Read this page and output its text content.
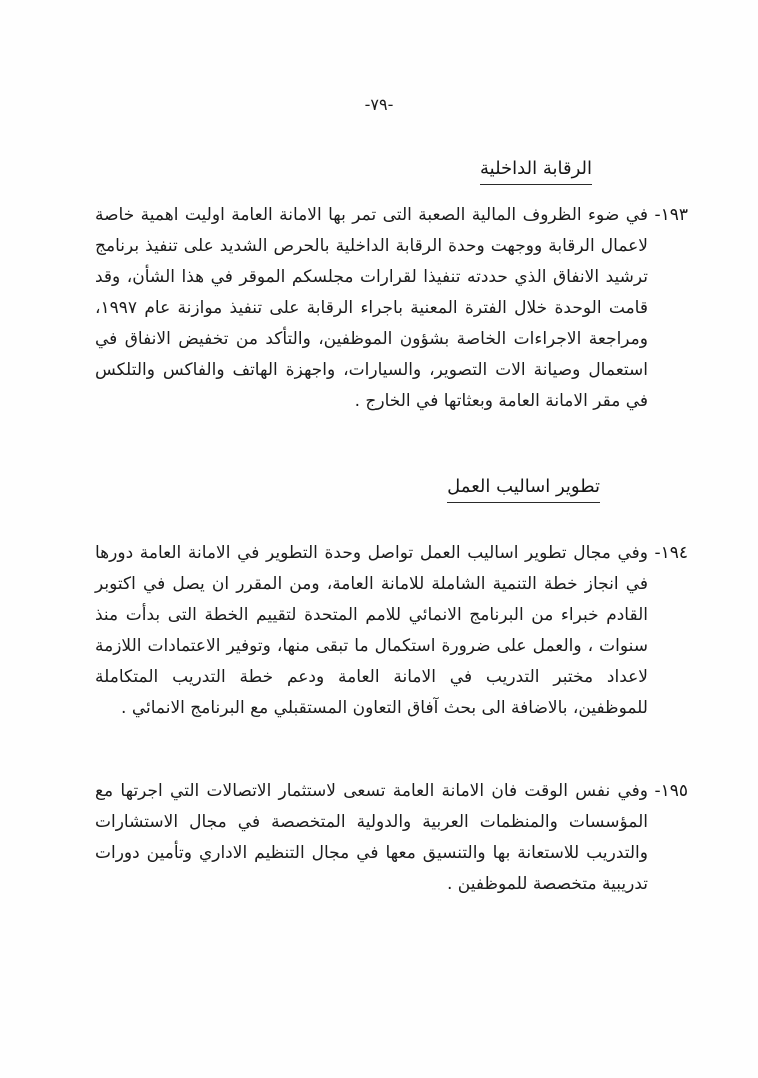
-٧٩-
الرقابة الداخلية
١٩٣-
في ضوء الظروف المالية الصعبة التى تمر بها الامانة العامة اوليت اهمية خاصة لاعمال الرقابة ووجهت وحدة الرقابة الداخلية بالحرص الشديد على تنفيذ برنامج ترشيد الانفاق الذي حددته تنفيذا لقرارات مجلسكم الموقر في هذا الشأن، وقد قامت الوحدة خلال الفترة المعنية باجراء الرقابة على تنفيذ موازنة عام ١٩٩٧، ومراجعة الاجراءات الخاصة بشؤون الموظفين، والتأكد من تخفيض الانفاق في استعمال وصيانة الات التصوير، والسيارات، واجهزة الهاتف والفاكس والتلكس في مقر الامانة العامة وبعثاتها في الخارج .
تطوير اساليب العمل
١٩٤-
وفي مجال تطوير اساليب العمل تواصل وحدة التطوير في الامانة العامة دورها في انجاز خطة التنمية الشاملة للامانة العامة، ومن المقرر ان يصل في اكتوبر القادم خبراء من البرنامج الانمائي للامم المتحدة لتقييم الخطة التى بدأت منذ سنوات ، والعمل على ضرورة استكمال ما تبقى منها، وتوفير الاعتمادات اللازمة لاعداد مختبر التدريب في الامانة العامة ودعم خطة التدريب المتكاملة للموظفين، بالاضافة الى بحث آفاق التعاون المستقبلي مع البرنامج الانمائي .
١٩٥-
وفي نفس الوقت فان الامانة العامة تسعى لاستثمار الاتصالات التي اجرتها مع المؤسسات والمنظمات العربية والدولية المتخصصة في مجال الاستشارات والتدريب للاستعانة بها والتنسيق معها في مجال التنظيم الاداري وتأمين دورات تدريبية متخصصة للموظفين .
